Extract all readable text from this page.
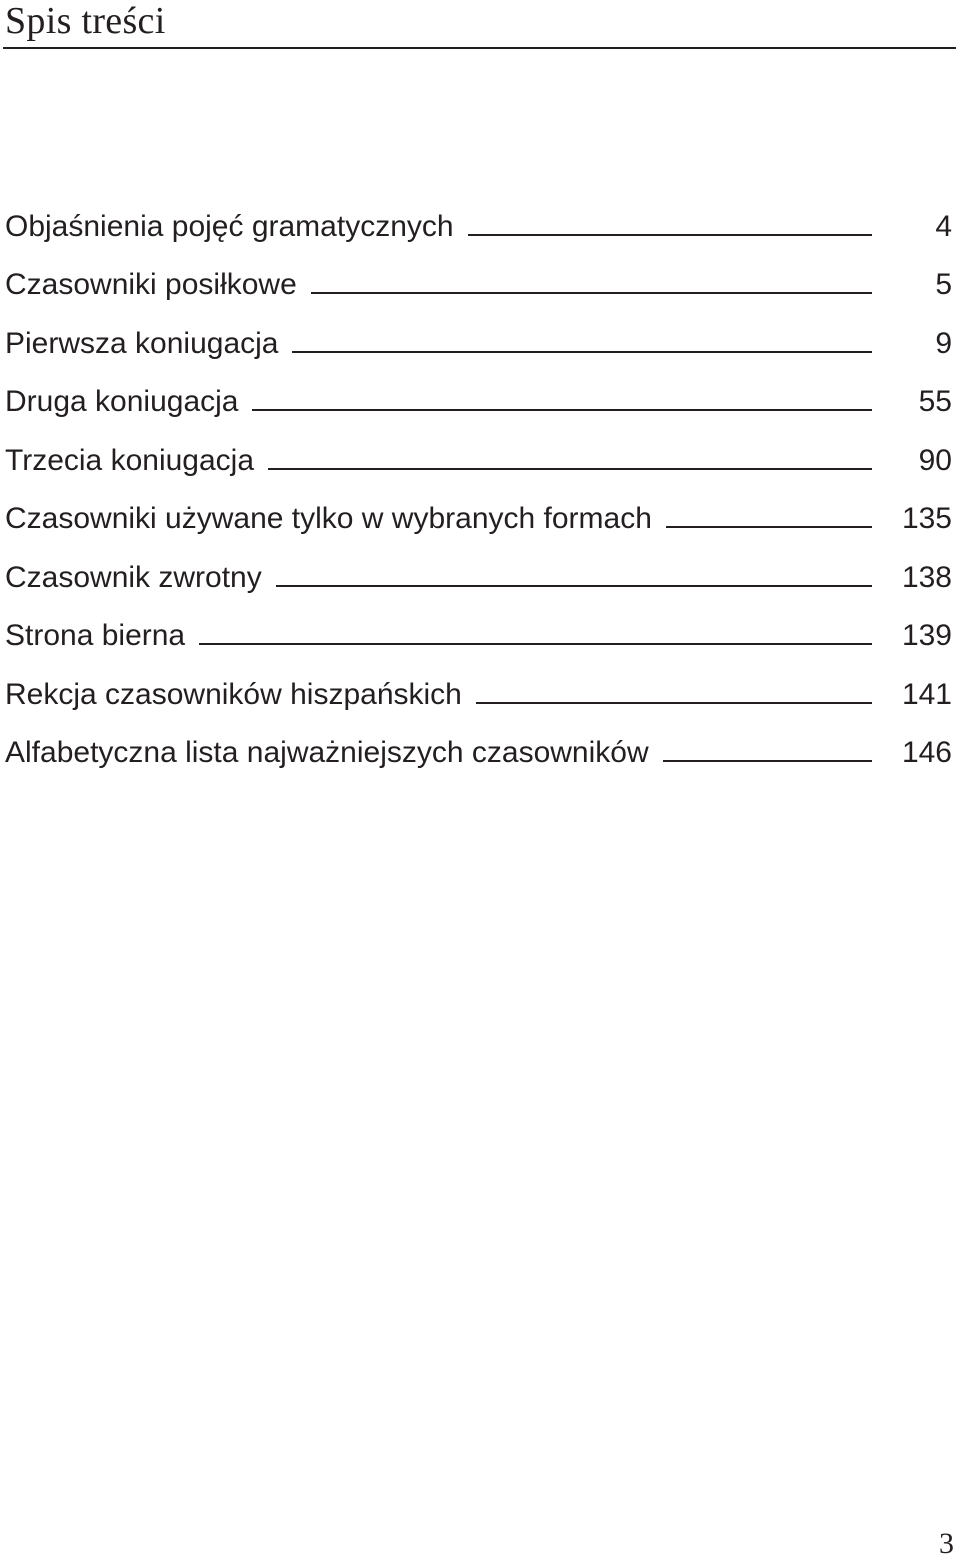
Spis treści
Objaśnienia pojęć gramatycznych	4
Czasowniki posiłkowe	5
Pierwsza koniugacja	9
Druga koniugacja	55
Trzecia koniugacja	90
Czasowniki używane tylko w wybranych formach	135
Czasownik zwrotny	138
Strona bierna	139
Rekcja czasowników hiszpańskich	141
Alfabetyczna lista najważniejszych czasowników	146
3
